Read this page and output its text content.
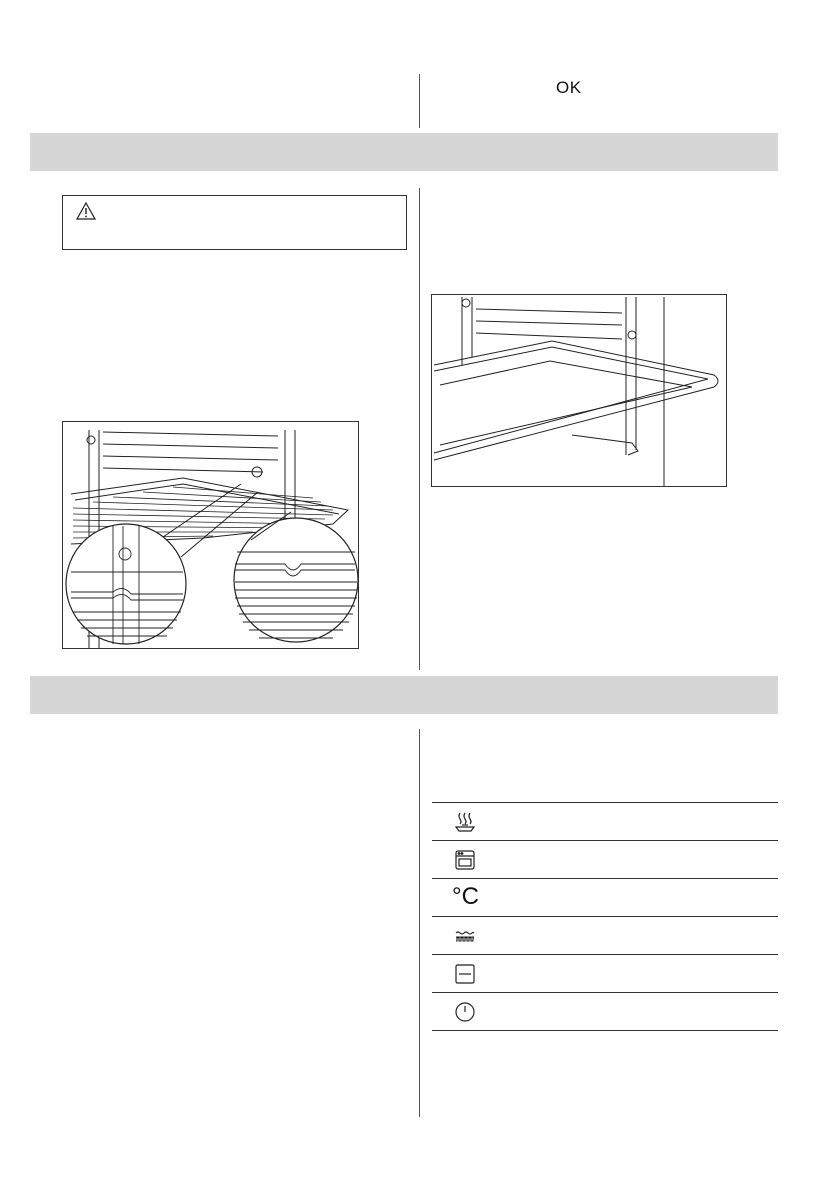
OK
°C
